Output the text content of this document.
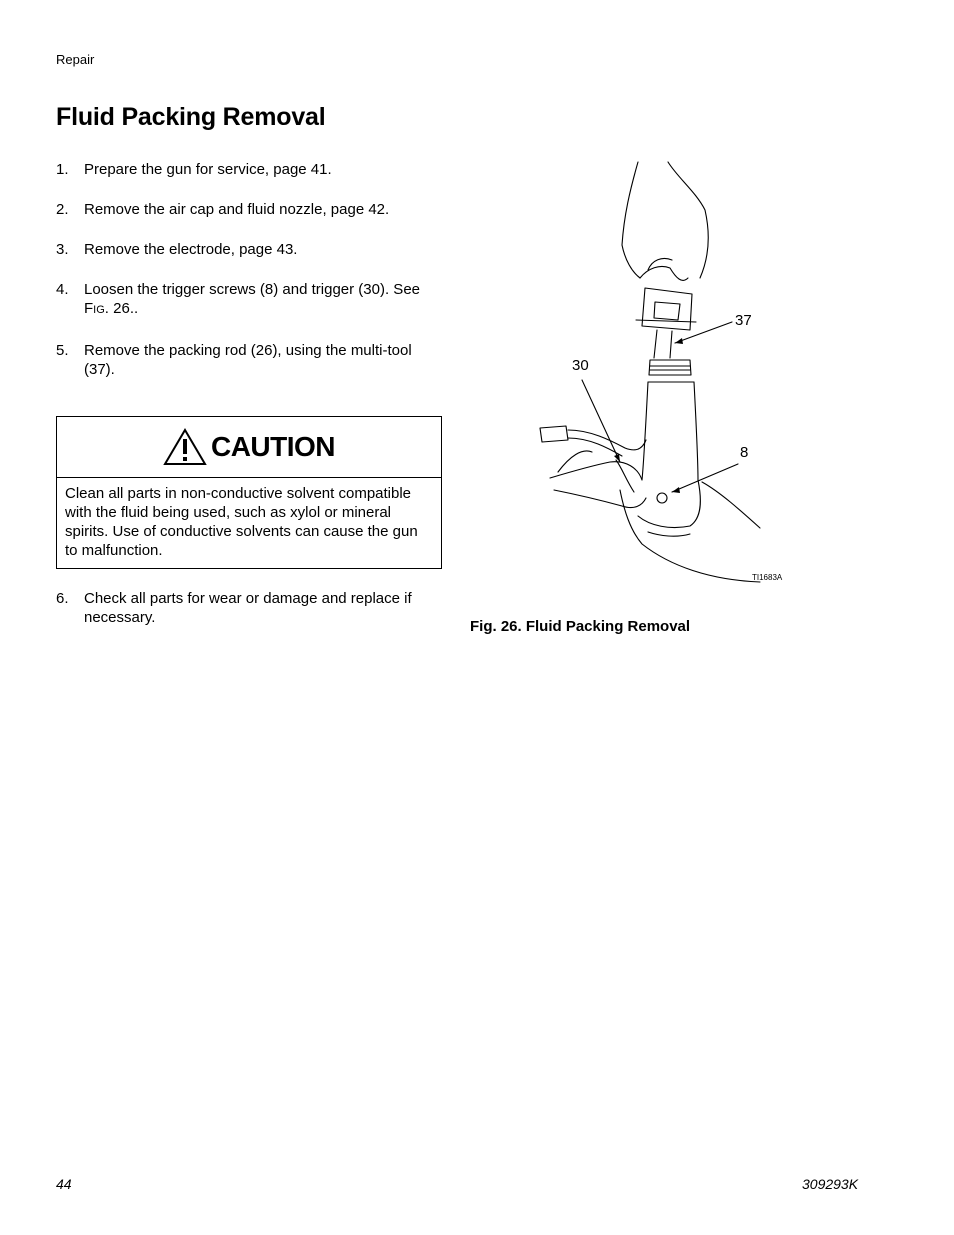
Repair
Fluid Packing Removal
1.	Prepare the gun for service, page 41.
2.	Remove the air cap and fluid nozzle, page 42.
3.	Remove the electrode, page 43.
4.	Loosen the trigger screws (8) and trigger (30). See FIG. 26..
5.	Remove the packing rod (26), using the multi-tool (37).
CAUTION
Clean all parts in non-conductive solvent compatible with the fluid being used, such as xylol or mineral spirits. Use of conductive solvents can cause the gun to malfunction.
6.	Check all parts for wear or damage and replace if necessary.
37
30
8
TI1683A
Fig. 26. Fluid Packing Removal
44	309293K
